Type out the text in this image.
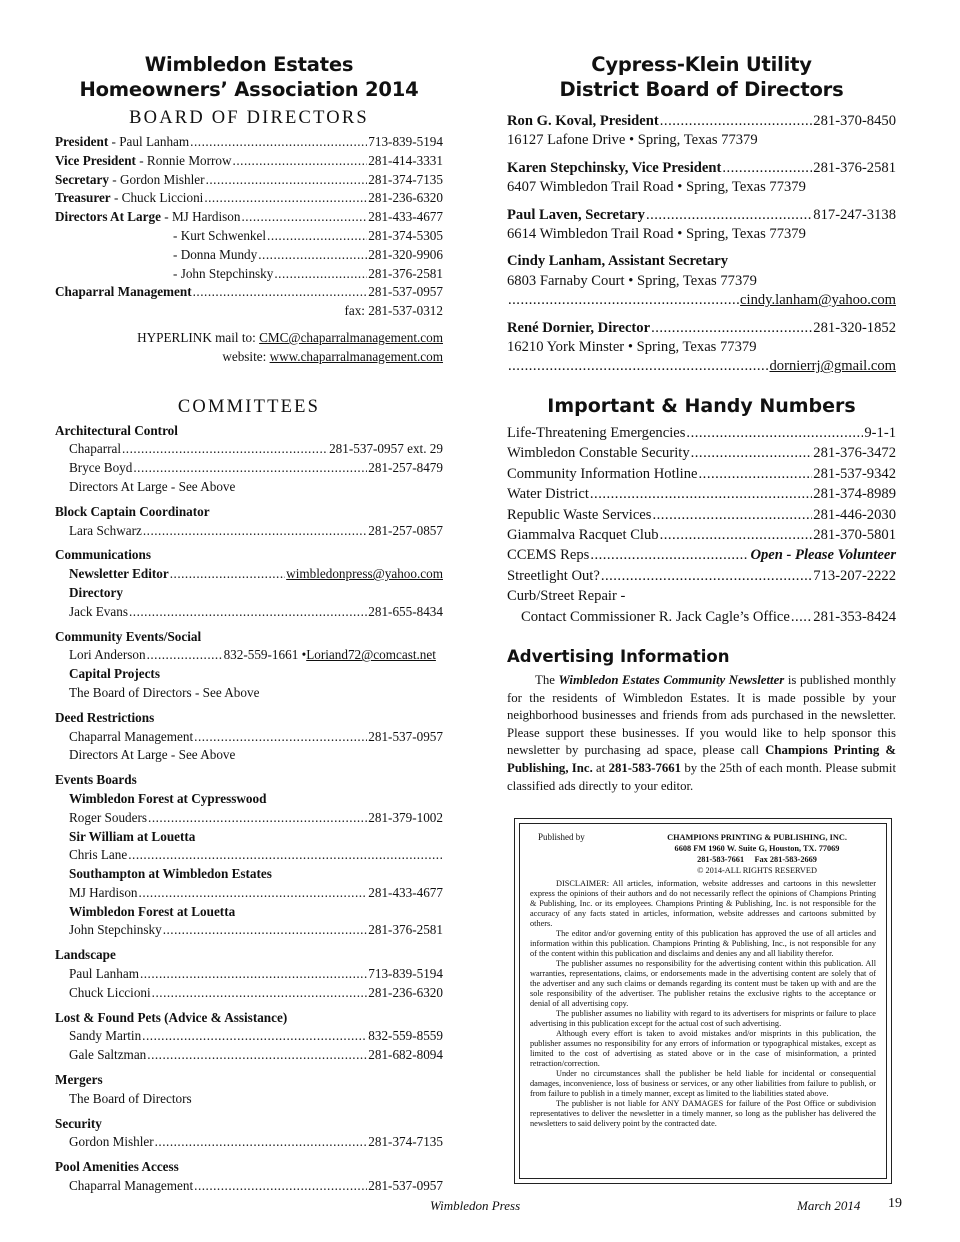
Wimbledon Estates
Homeowners’ Association 2014
BOARD OF DIRECTORS
President - Paul Lanham .....	713-839-5194
Vice President - Ronnie Morrow .....	281-414-3331
Secretary - Gordon Mishler .....	281-374-7135
Treasurer - Chuck Liccioni .....	281-236-6320
Directors At Large - MJ Hardison .....	281-433-4677
- Kurt Schwenkel .....	281-374-5305
- Donna Mundy .....	281-320-9906
- John Stepchinsky .....	281-376-2581
Chaparral Management .....	281-537-0957
fax: 281-537-0312
HYPERLINK mail to: CMC@chaparralmanagement.com
website: www.chaparralmanagement.com
COMMITTEES
Architectural Control
Chaparral .....	281-537-0957 ext. 29
Bryce Boyd .....	281-257-8479
Directors At Large - See Above
Block Captain Coordinator
Lara Schwarz .....	281-257-0857
Communications
Newsletter Editor .....	wimbledonpress@yahoo.com
Directory
Jack Evans .....	281-655-8434
Community Events/Social
Lori Anderson .....	832-559-1661 • Loriand72@comcast.net
Capital Projects
The Board of Directors - See Above
Deed Restrictions
Chaparral Management .....	281-537-0957
Directors At Large - See Above
Events Boards
Wimbledon Forest at Cypresswood
Roger Souders .....	281-379-1002
Sir William at Louetta
Chris Lane
.....
Southampton at Wimbledon Estates
MJ Hardison .....	281-433-4677
Wimbledon Forest at Louetta
John Stepchinsky .....	281-376-2581
Landscape
Paul Lanham .....	713-839-5194
Chuck Liccioni .....	281-236-6320
Lost & Found Pets (Advice & Assistance)
Sandy Martin .....	832-559-8559
Gale Saltzman .....	281-682-8094
Mergers
The Board of Directors
Security
Gordon Mishler .....	281-374-7135
Pool Amenities Access
Chaparral Management .....	281-537-0957
Cypress-Klein Utility
District Board of Directors
Ron G. Koval, President .....	281-370-8450
16127 Lafone Drive • Spring, Texas 77379
Karen Stepchinsky, Vice President .....	281-376-2581
6407 Wimbledon Trail Road • Spring, Texas 77379
Paul Laven, Secretary .....	817-247-3138
6614 Wimbledon Trail Road • Spring, Texas 77379
Cindy Lanham, Assistant Secretary
6803 Farnaby Court • Spring, Texas 77379
.....
cindy.lanham@yahoo.com
René Dornier, Director .....	281-320-1852
16210 York Minster • Spring, Texas 77379
.....
dornierrj@gmail.com
Important & Handy Numbers
Life-Threatening Emergencies .....	9-1-1
Wimbledon Constable Security .....	281-376-3472
Community Information Hotline .....	281-537-9342
Water District .....	281-374-8989
Republic Waste Services .....	281-446-2030
Giammalva Racquet Club .....	281-370-5801
CCEMS Reps .....	Open - Please Volunteer
Streetlight Out? .....	713-207-2222
Curb/Street Repair -
Contact Commissioner R. Jack Cagle’s Office ..... 281-353-8424
Advertising Information

The Wimbledon Estates Community Newsletter is published monthly for the residents of Wimbledon Estates. It is made possible by your neighborhood businesses and friends from ads purchased in the newsletter. Please support these businesses. If you would like to help sponsor this newsletter by purchasing ad space, please call Champions Printing & Publishing, Inc. at 281-583-7661 by the 25th of each month. Please submit classified ads directly to your editor.

Published by	CHAMPIONS PRINTING & PUBLISHING, INC.
6608 FM 1960 W. Suite G, Houston, TX. 77069
281-583-7661     Fax 281-583-2669
© 2014-ALL RIGHTS RESERVED

DISCLAIMER: All articles, information, website addresses and cartoons in this newsletter express the opinions of their authors and do not necessarily reflect the opinions of Champions Printing & Publishing, Inc. or its employees. Champions Printing & Publishing, Inc. is not responsible for the accuracy of any facts stated in articles, information, website addresses and cartoons submitted by others.

The editor and/or governing entity of this publication has approved the use of all articles and information within this publication. Champions Printing & Publishing, Inc., is not responsible for any of the content within this publication and disclaims and denies any and all liability therefor.

The publisher assumes no responsibility for the advertising content within this publication. All warranties, representations, claims, or endorsements made in the advertising content are solely that of the advertiser and any such claims or demands regarding its content must be taken up with and are the sole responsibility of the advertiser. The publisher retains the exclusive rights to the acceptance or denial of all advertising copy.

The publisher assumes no liability with regard to its advertisers for misprints or failure to place advertising in this publication except for the actual cost of such advertising.

Although every effort is taken to avoid mistakes and/or misprints in this publication, the publisher assumes no responsibility for any errors of information or typographical mistakes, except as limited to the cost of advertising as stated above or in the case of misinformation, a printed retraction/correction.

Under no circumstances shall the publisher be held liable for incidental or consequential damages, inconvenience, loss of business or services, or any other liabilities from failure to publish, or from failure to publish in a timely manner, except as limited to the liabilities stated above.

The publisher is not liable for ANY DAMAGES for failure of the Post Office or subdivision representatives to deliver the newsletter in a timely manner, so long as the publisher has delivered the newsletters to said delivery point by the contracted date.

Wimbledon Press	March 2014 19
